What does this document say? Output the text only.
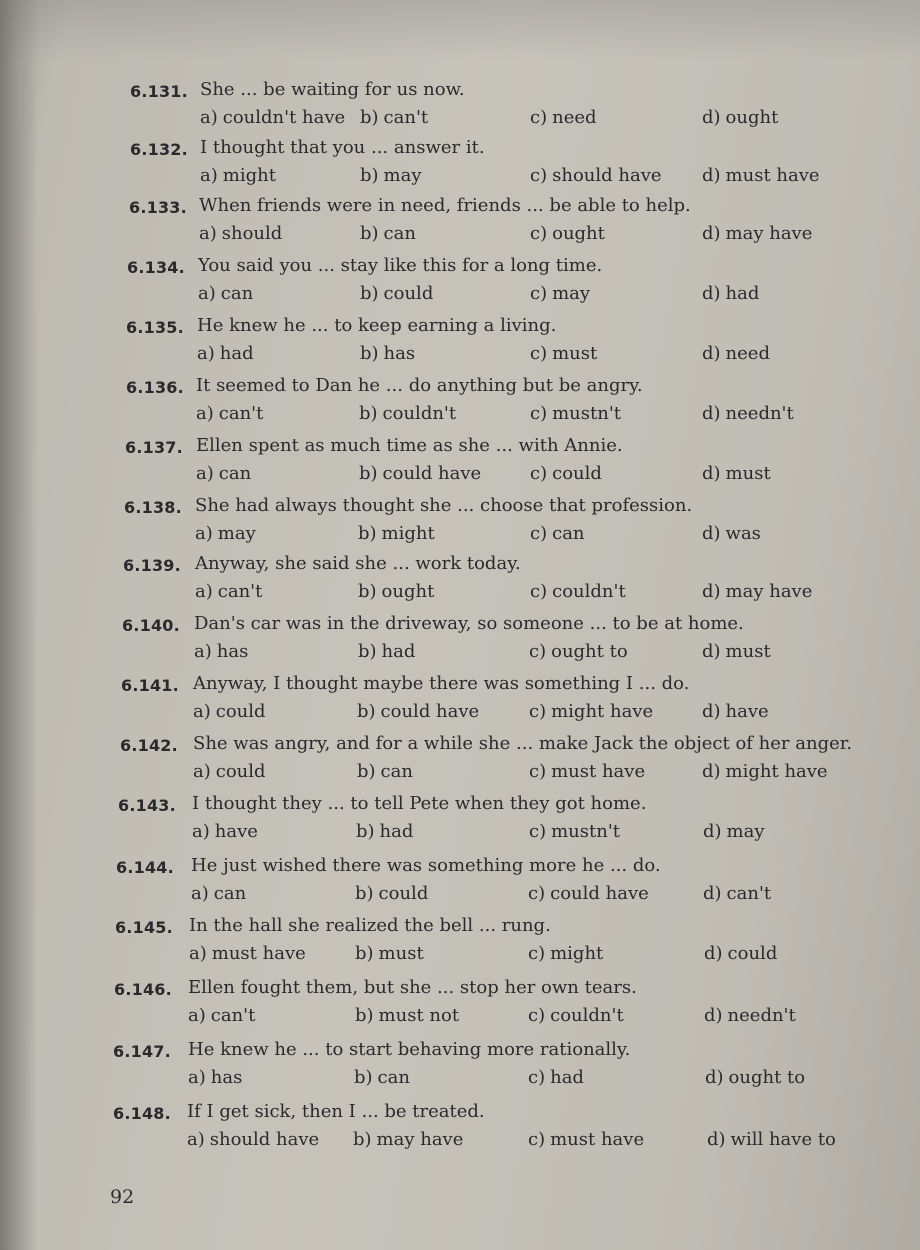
6.131. She ... be waiting for us now.
a) couldn't have b) can't	c) need	d) ought
6.132. I thought that you ... answer it.
a) might	b) may	c) should have d) must have
6.133. When friends were in need, friends ... be able to help.
a) should	b) can	c) ought	d) may have
6.134. You said you ... stay like this for a long time.
a) can	b) could	c) may	d) had
6.135. He knew he ... to keep earning a living.
a) had	b) has	c) must	d) need
6.136. It seemed to Dan he ... do anything but be angry.
a) can't	b) couldn't	c) mustn't	d) needn't
6.137. Ellen spent as much time as she ... with Annie.
a) can	b) could have	c) could	d) must
6.138. She had always thought she ... choose that profession.
a) may	b) might	c) can	d) was
6.139. Anyway, she said she ... work today.
a) can't	b) ought	c) couldn't	d) may have
6.140. Dan's car was in the driveway, so someone ... to be at home.
a) has	b) had	c) ought to	d) must
6.141. Anyway, I thought maybe there was something I ... do.
a) could	b) could have	c) might have	d) have
6.142. She was angry, and for a while she ... make Jack the object of her anger.
a) could	b) can	c) must have	d) might have
6.143. I thought they ... to tell Pete when they got home.
a) have	b) had	c) mustn't	d) may
6.144. He just wished there was something more he ... do.
a) can	b) could	c) could have	d) can't
6.145. In the hall she realized the bell ... rung.
a) must have	b) must	c) might	d) could
6.146. Ellen fought them, but she ... stop her own tears.
a) can't	b) must not	c) couldn't	d) needn't
6.147. He knew he ... to start behaving more rationally.
a) has	b) can	c) had	d) ought to
6.148. If I get sick, then I ... be treated.
a) should have b) may have	c) must have	d) will have to
92
